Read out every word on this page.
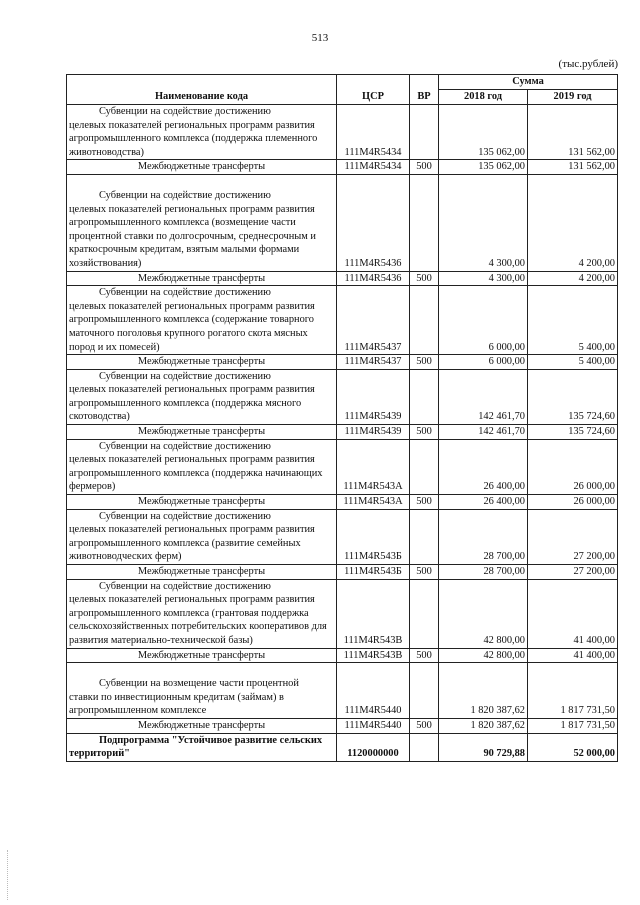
513
(тыс.рублей)
Наименование кода	ЦСР	ВР	Сумма	
			2018 год	2019 год
Субвенции на содействие достижению
целевых показателей региональных программ развития агропромышленного комплекса (поддержка племенного животноводства)	111M4R5434		135 062,00	131 562,00
Межбюджетные трансферты	111M4R5434	500	135 062,00	131 562,00
Субвенции на содействие достижению
целевых показателей региональных программ развития агропромышленного комплекса (возмещение части процентной ставки по долгосрочным, среднесрочным и краткосрочным кредитам, взятым малыми формами хозяйствования)	111M4R5436		4 300,00	4 200,00
Межбюджетные трансферты	111M4R5436	500	4 300,00	4 200,00
Субвенции на содействие достижению
целевых показателей региональных программ развития агропромышленного комплекса (содержание товарного маточного поголовья крупного рогатого скота мясных пород и их помесей)	111M4R5437		6 000,00	5 400,00
Межбюджетные трансферты	111M4R5437	500	6 000,00	5 400,00
Субвенции на содействие достижению
целевых показателей региональных программ развития агропромышленного комплекса (поддержка мясного скотоводства)	111M4R5439		142 461,70	135 724,60
Межбюджетные трансферты	111M4R5439	500	142 461,70	135 724,60
Субвенции на содействие достижению
целевых показателей региональных программ развития агропромышленного комплекса (поддержка начинающих фермеров)	111M4R543A		26 400,00	26 000,00
Межбюджетные трансферты	111M4R543A	500	26 400,00	26 000,00
Субвенции на содействие достижению
целевых показателей региональных программ развития агропромышленного комплекса (развитие семейных животноводческих ферм)	111M4R543Б		28 700,00	27 200,00
Межбюджетные трансферты	111M4R543Б	500	28 700,00	27 200,00
Субвенции на содействие достижению
целевых показателей региональных программ развития агропромышленного комплекса (грантовая поддержка сельскохозяйственных потребительских кооперативов для развития материально-технической базы)	111M4R543В		42 800,00	41 400,00
Межбюджетные трансферты	111M4R543В	500	42 800,00	41 400,00
Субвенции на возмещение части процентной
ставки по инвестиционным кредитам (займам) в агропромышленном комплексе	111M4R5440		1 820 387,62	1 817 731,50
Межбюджетные трансферты	111M4R5440	500	1 820 387,62	1 817 731,50
Подпрограмма "Устойчивое развитие сельских
территорий"	1120000000		90 729,88	52 000,00
